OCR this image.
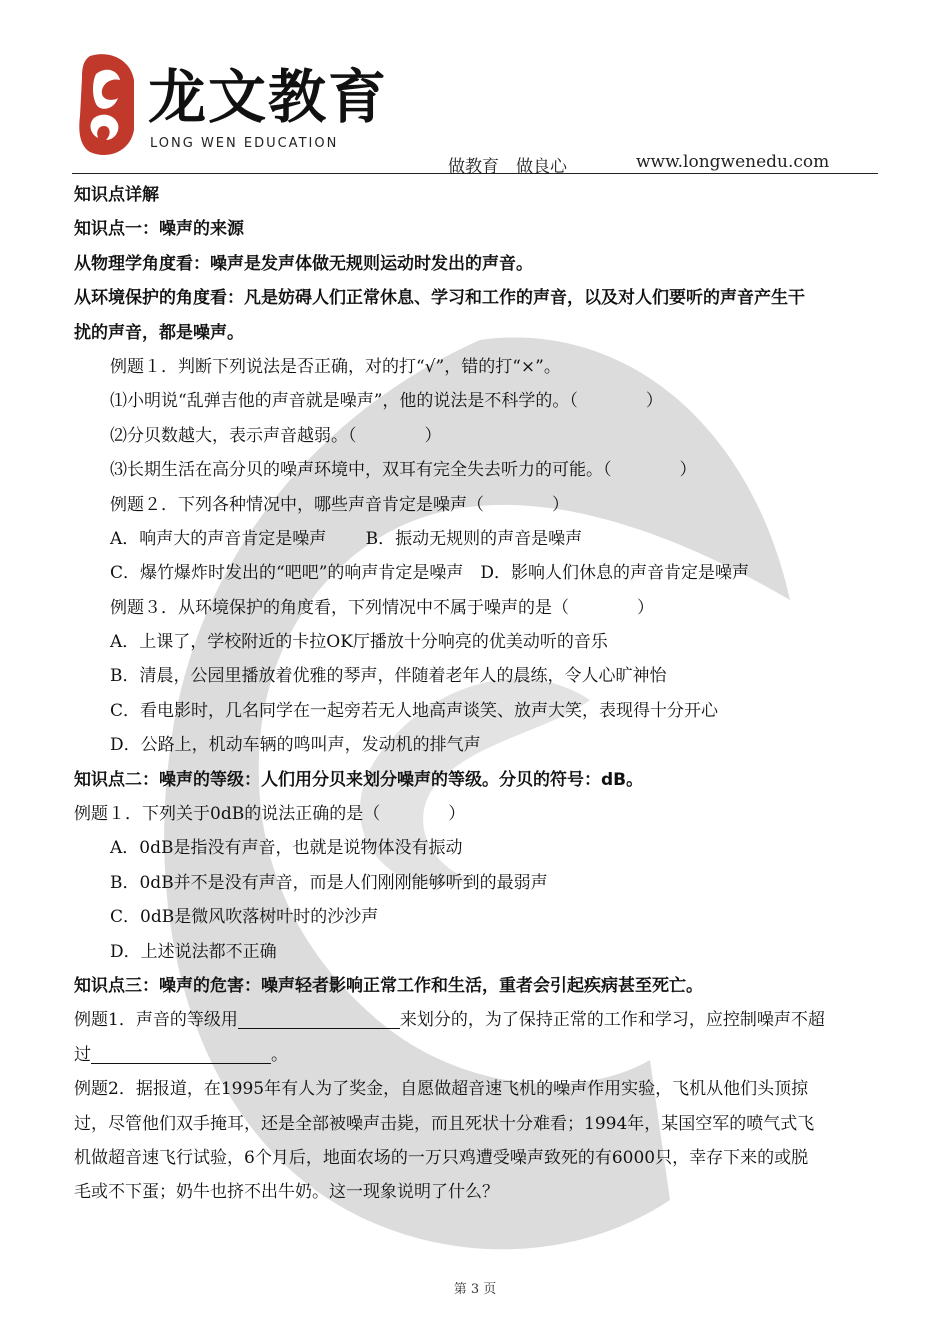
龙文教育
LONG WEN EDUCATION
做教育　做良心	www.longwenedu.com
知识点详解
知识点一：噪声的来源
从物理学角度看：噪声是发声体做无规则运动时发出的声音。
从环境保护的角度看：凡是妨碍人们正常休息、学习和工作的声音，以及对人们要听的声音产生干
扰的声音，都是噪声。
例题１．判断下列说法是否正确，对的打“√”，错的打“×”。
⑴小明说“乱弹吉他的声音就是噪声”，他的说法是不科学的。（　　　　）
⑵分贝数越大，表示声音越弱。（　　　　）
⑶长期生活在高分贝的噪声环境中，双耳有完全失去听力的可能。（　　　　）
例题２．下列各种情况中，哪些声音肯定是噪声（　　　　）
A．响声大的声音肯定是噪声　　 B．振动无规则的声音是噪声
C．爆竹爆炸时发出的“吧吧”的响声肯定是噪声　D．影响人们休息的声音肯定是噪声
例题３．从环境保护的角度看，下列情况中不属于噪声的是（　　　　）
A．上课了，学校附近的卡拉OK厅播放十分响亮的优美动听的音乐
B．清晨，公园里播放着优雅的琴声，伴随着老年人的晨练，令人心旷神怡
C．看电影时，几名同学在一起旁若无人地高声谈笑、放声大笑，表现得十分开心
D．公路上，机动车辆的鸣叫声，发动机的排气声
知识点二：噪声的等级：人们用分贝来划分噪声的等级。分贝的符号：dB。
例题１．下列关于0dB的说法正确的是（　　　　）
A．0dB是指没有声音，也就是说物体没有振动
B．0dB并不是没有声音，而是人们刚刚能够听到的最弱声
C．0dB是微风吹落树叶时的沙沙声
D．上述说法都不正确
知识点三：噪声的危害：噪声轻者影响正常工作和生活，重者会引起疾病甚至死亡。
例题1．声音的等级用	来划分的，为了保持正常的工作和学习，应控制噪声不超
过	。
例题2．据报道，在1995年有人为了奖金，自愿做超音速飞机的噪声作用实验，飞机从他们头顶掠
过，尽管他们双手掩耳，还是全部被噪声击毙，而且死状十分难看；1994年，某国空军的喷气式飞
机做超音速飞行试验，6个月后，地面农场的一万只鸡遭受噪声致死的有6000只，幸存下来的或脱
毛或不下蛋；奶牛也挤不出牛奶。这一现象说明了什么？
第 3 页
